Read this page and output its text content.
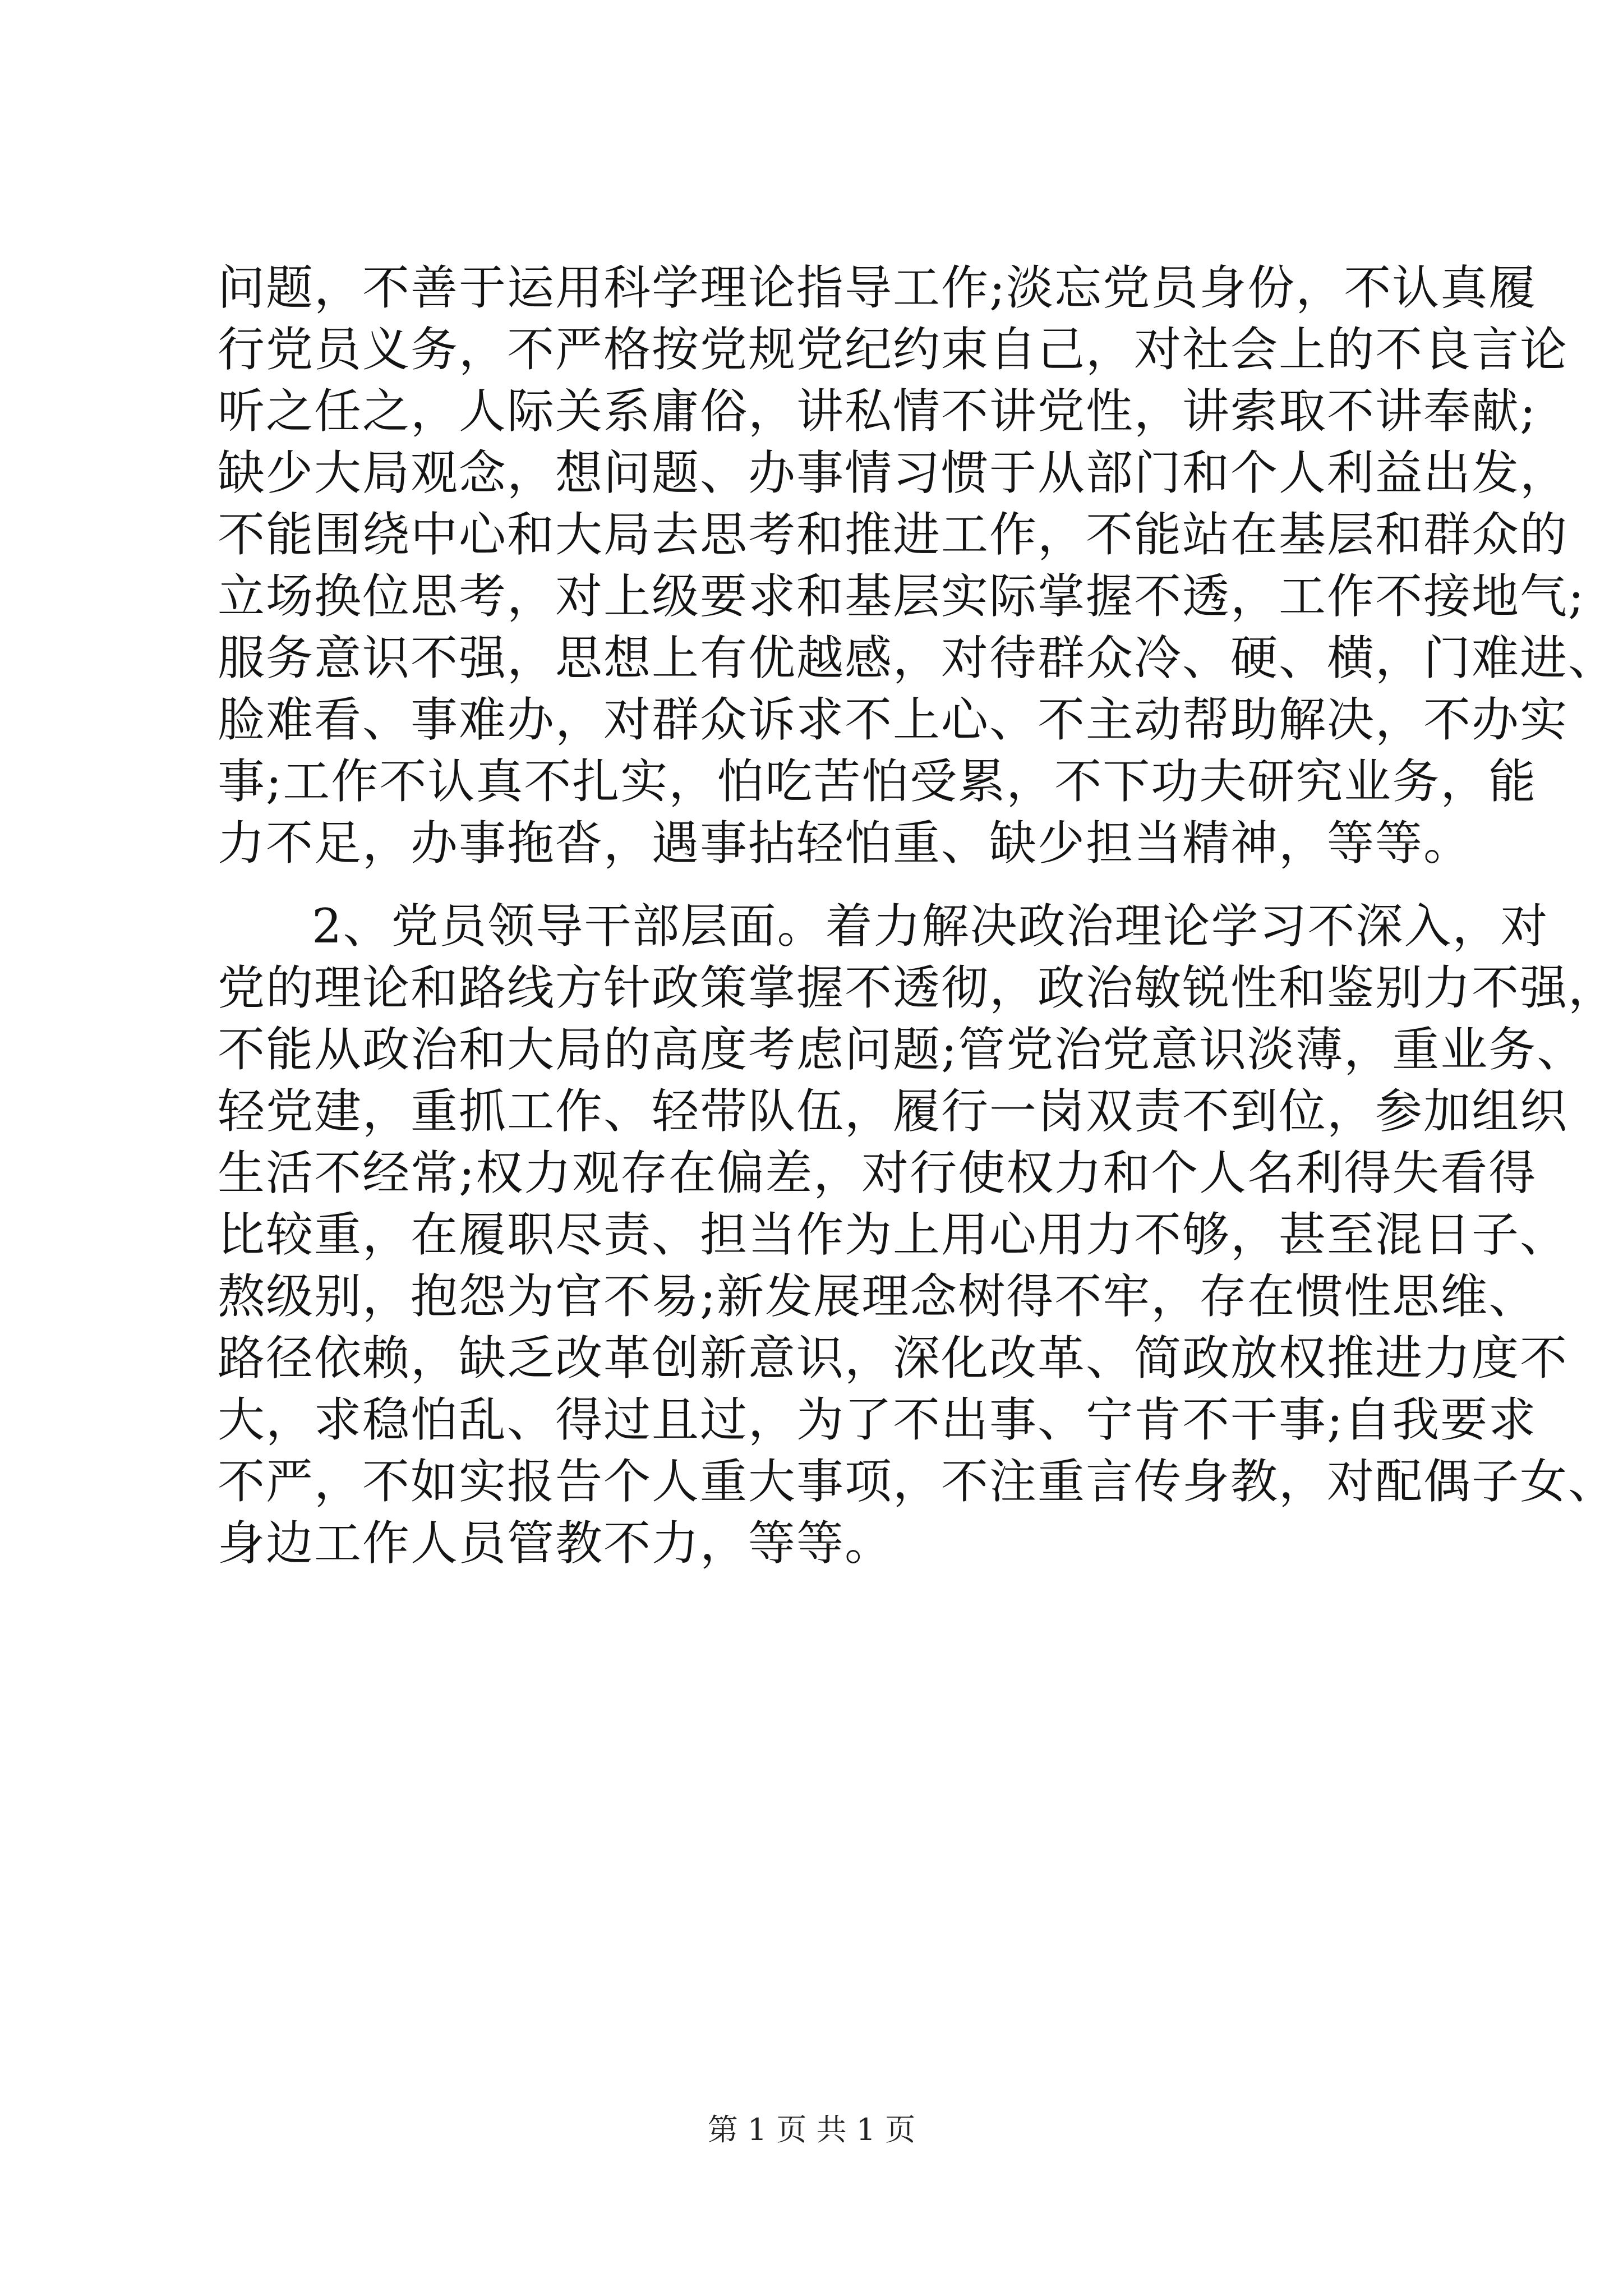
问题，不善于运用科学理论指导工作;淡忘党员身份，不认真履

行党员义务，不严格按党规党纪约束自己，对社会上的不良言论

听之任之，人际关系庸俗，讲私情不讲党性，讲索取不讲奉献;

缺少大局观念，想问题、办事情习惯于从部门和个人利益出发，

不能围绕中心和大局去思考和推进工作，不能站在基层和群众的

立场换位思考，对上级要求和基层实际掌握不透，工作不接地气;

服务意识不强，思想上有优越感，对待群众冷、硬、横，门难进、

脸难看、事难办，对群众诉求不上心、不主动帮助解决，不办实

事;工作不认真不扎实，怕吃苦怕受累，不下功夫研究业务，能

力不足，办事拖沓，遇事拈轻怕重、缺少担当精神，等等。

2、党员领导干部层面。着力解决政治理论学习不深入，对

党的理论和路线方针政策掌握不透彻，政治敏锐性和鉴别力不强，

不能从政治和大局的高度考虑问题;管党治党意识淡薄，重业务、

轻党建，重抓工作、轻带队伍，履行一岗双责不到位，参加组织

生活不经常;权力观存在偏差，对行使权力和个人名利得失看得

比较重，在履职尽责、担当作为上用心用力不够，甚至混日子、

熬级别，抱怨为官不易;新发展理念树得不牢，存在惯性思维、

路径依赖，缺乏改革创新意识，深化改革、简政放权推进力度不

大，求稳怕乱、得过且过，为了不出事、宁肯不干事;自我要求

不严，不如实报告个人重大事项，不注重言传身教，对配偶子女、

身边工作人员管教不力，等等。

第 1 页 共 1 页
